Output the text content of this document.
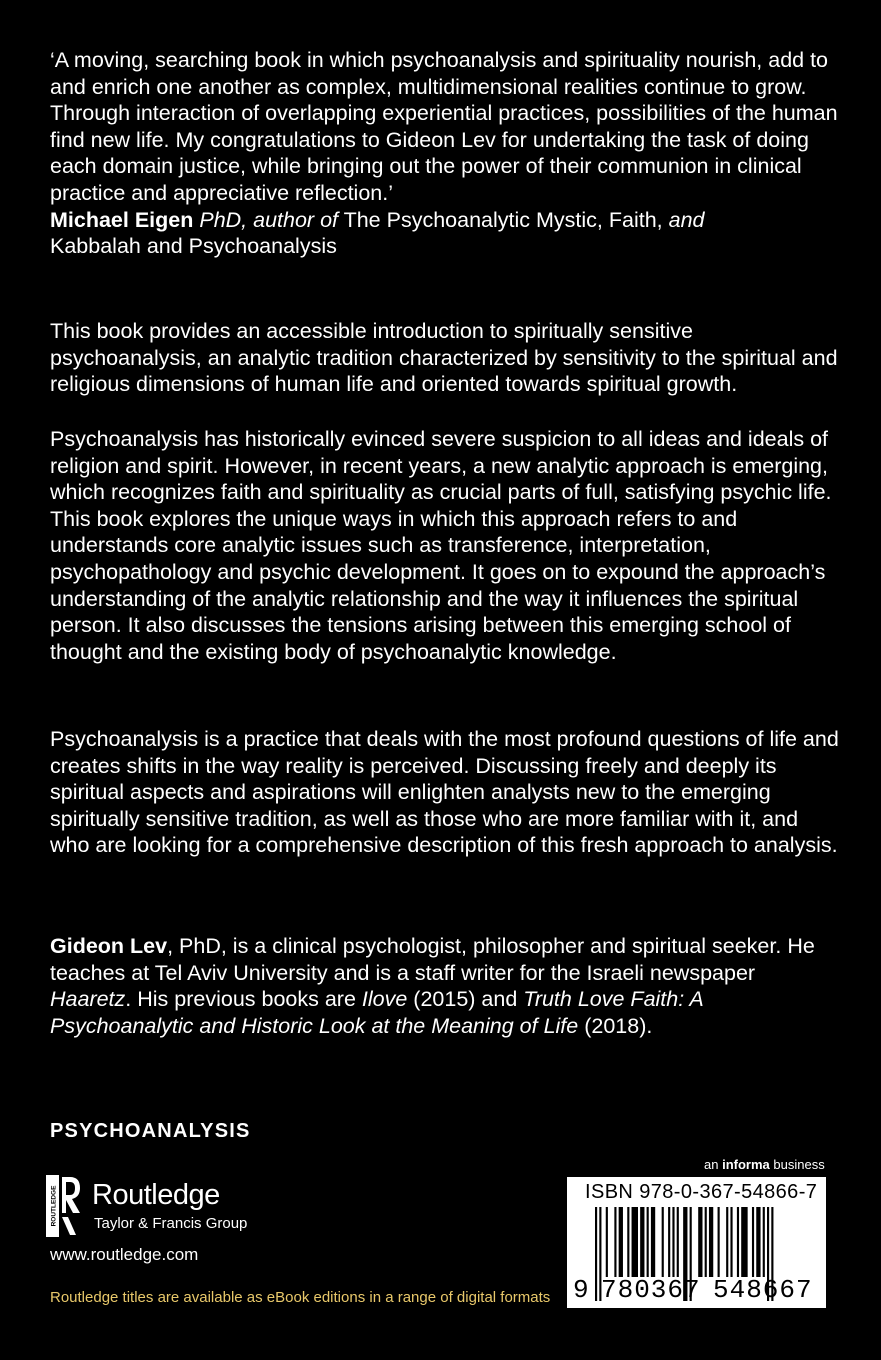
‘A moving, searching book in which psychoanalysis and spirituality nourish, add to and enrich one another as complex, multidimensional realities continue to grow. Through interaction of overlapping experiential practices, possibilities of the human find new life. My congratulations to Gideon Lev for undertaking the task of doing each domain justice, while bringing out the power of their communion in clinical practice and appreciative reflection.’
Michael Eigen PhD, author of The Psychoanalytic Mystic, Faith, and
Kabbalah and Psychoanalysis
This book provides an accessible introduction to spiritually sensitive psychoanalysis, an analytic tradition characterized by sensitivity to the spiritual and religious dimensions of human life and oriented towards spiritual growth.
Psychoanalysis has historically evinced severe suspicion to all ideas and ideals of religion and spirit. However, in recent years, a new analytic approach is emerging, which recognizes faith and spirituality as crucial parts of full, satisfying psychic life. This book explores the unique ways in which this approach refers to and understands core analytic issues such as transference, interpretation, psychopathology and psychic development. It goes on to expound the approach’s understanding of the analytic relationship and the way it influences the spiritual person. It also discusses the tensions arising between this emerging school of thought and the existing body of psychoanalytic knowledge.
Psychoanalysis is a practice that deals with the most profound questions of life and creates shifts in the way reality is perceived. Discussing freely and deeply its spiritual aspects and aspirations will enlighten analysts new to the emerging spiritually sensitive tradition, as well as those who are more familiar with it, and who are looking for a comprehensive description of this fresh approach to analysis.
Gideon Lev, PhD, is a clinical psychologist, philosopher and spiritual seeker. He teaches at Tel Aviv University and is a staff writer for the Israeli newspaper Haaretz. His previous books are Ilove (2015) and Truth Love Faith: A Psychoanalytic and Historic Look at the Meaning of Life (2018).
PSYCHOANALYSIS
ROUTLEDGE Routledge
Taylor & Francis Group
www.routledge.com
Routledge titles are available as eBook editions in a range of digital formats
an informa business
ISBN 978-0-367-54866-7
9 780367 548667
